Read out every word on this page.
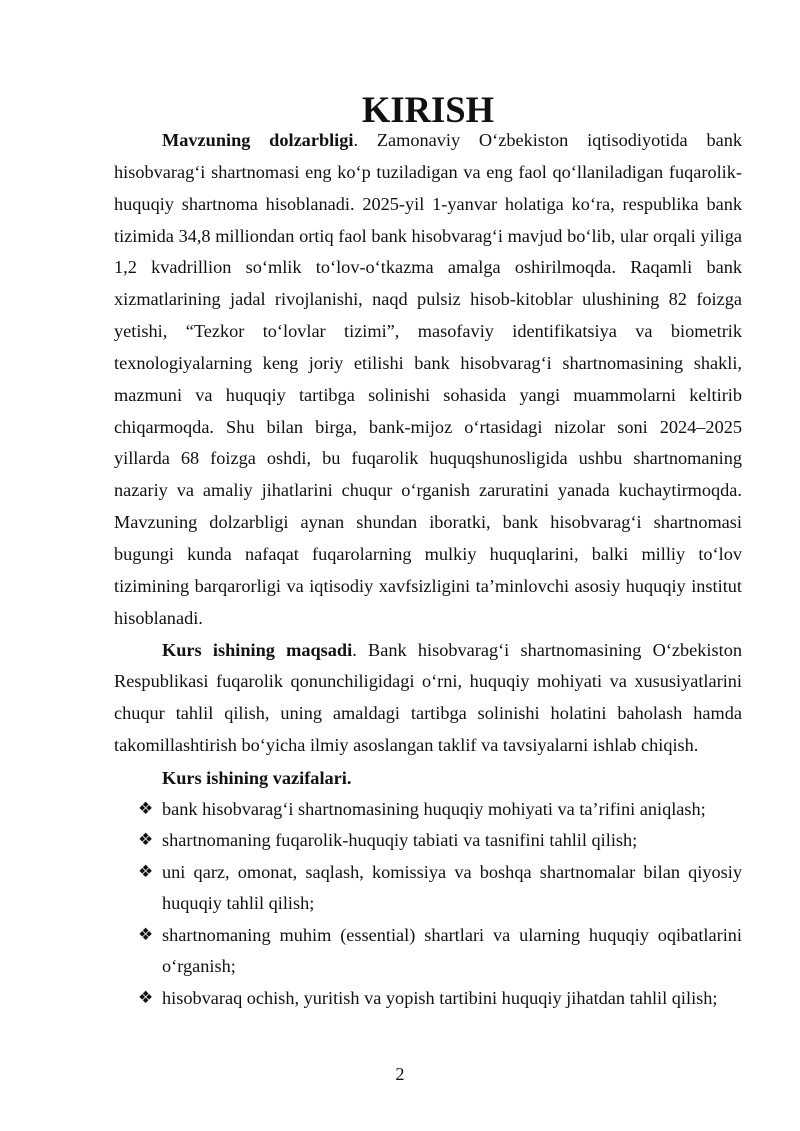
KIRISH

Mavzuning dolzarbligi. Zamonaviy O‘zbekiston iqtisodiyotida bank hisobvarag‘i shartnomasi eng ko‘p tuziladigan va eng faol qo‘llaniladigan fuqarolik-huquqiy shartnoma hisoblanadi. 2025-yil 1-yanvar holatiga ko‘ra, respublika bank tizimida 34,8 milliondan ortiq faol bank hisobvarag‘i mavjud bo‘lib, ular orqali yiliga 1,2 kvadrillion so‘mlik to‘lov-o‘tkazma amalga oshirilmoqda. Raqamli bank xizmatlarining jadal rivojlanishi, naqd pulsiz hisob-kitoblar ulushining 82 foizga yetishi, “Tezkor to‘lovlar tizimi”, masofaviy identifikatsiya va biometrik texnologiyalarning keng joriy etilishi bank hisobvarag‘i shartnomasining shakli, mazmuni va huquqiy tartibga solinishi sohasida yangi muammolarni keltirib chiqarmoqda. Shu bilan birga, bank-mijoz o‘rtasidagi nizolar soni 2024–2025 yillarda 68 foizga oshdi, bu fuqarolik huquqshunosligida ushbu shartnomaning nazariy va amaliy jihatlarini chuqur o‘rganish zaruratini yanada kuchaytirmoqda. Mavzuning dolzarbligi aynan shundan iboratki, bank hisobvarag‘i shartnomasi bugungi kunda nafaqat fuqarolarning mulkiy huquqlarini, balki milliy to‘lov tizimining barqarorligi va iqtisodiy xavfsizligini ta’minlovchi asosiy huquqiy institut hisoblanadi.

Kurs ishining maqsadi. Bank hisobvarag‘i shartnomasining O‘zbekiston Respublikasi fuqarolik qonunchiligidagi o‘rni, huquqiy mohiyati va xususiyatlarini chuqur tahlil qilish, uning amaldagi tartibga solinishi holatini baholash hamda takomillashtirish bo‘yicha ilmiy asoslangan taklif va tavsiyalarni ishlab chiqish.

Kurs ishining vazifalari.

❖ bank hisobvarag‘i shartnomasining huquqiy mohiyati va ta’rifini aniqlash;
❖ shartnomaning fuqarolik-huquqiy tabiati va tasnifini tahlil qilish;
❖ uni qarz, omonat, saqlash, komissiya va boshqa shartnomalar bilan qiyosiy huquqiy tahlil qilish;
❖ shartnomaning muhim (essential) shartlari va ularning huquqiy oqibatlarini o‘rganish;
❖ hisobvaraq ochish, yuritish va yopish tartibini huquqiy jihatdan tahlil qilish;
2
